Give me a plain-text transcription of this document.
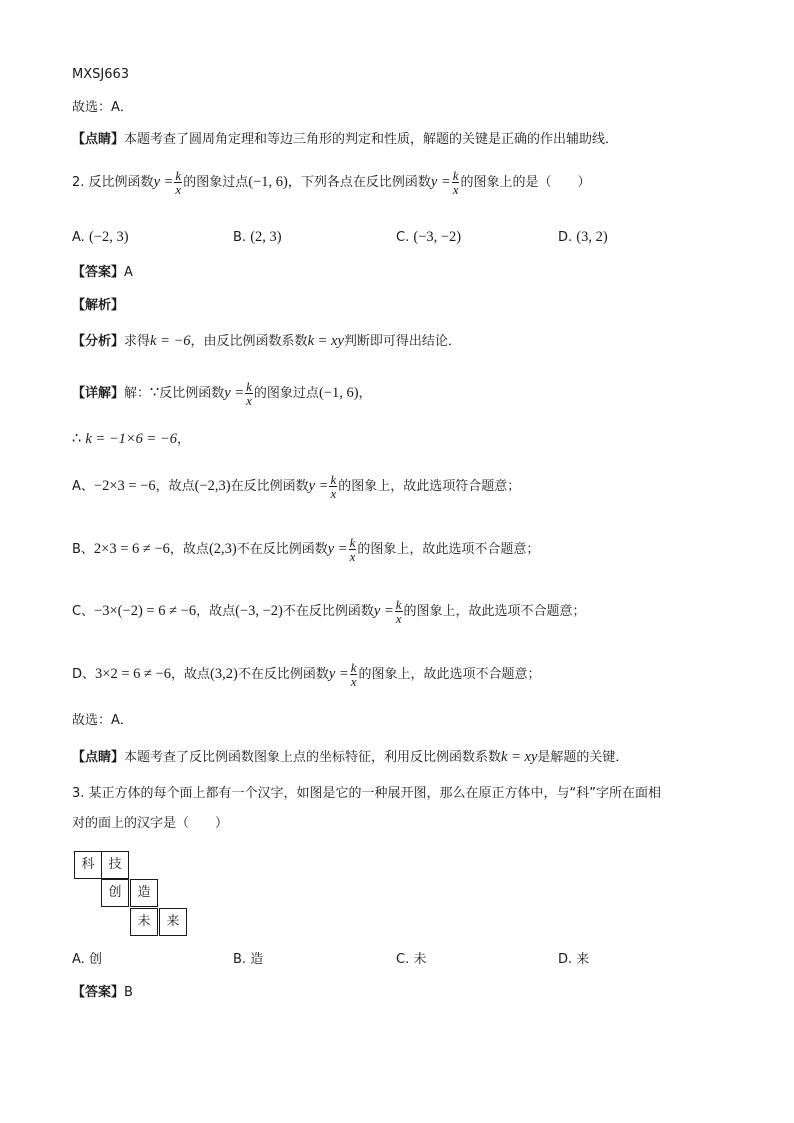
MXSJ663
故选：A．
【点睛】本题考查了圆周角定理和等边三角形的判定和性质，解题的关键是正确的作出辅助线．
2. 反比例函数$y = \frac{k}{x}$ 的图象过点(−1, 6)，下列各点在反比例函数$y = \frac{k}{x}$ 的图象上的是（　　）
A. (−2, 3)	B. (2, 3)	C. (−3, −2)	D. (3, 2)
【答案】A
【解析】
【分析】求得k = −6，由反比例函数系数k = xy判断即可得出结论．
【详解】解：∵反比例函数$y = \frac{k}{x}$ 的图象过点(−1, 6)，
∴ k = −1×6 = −6，
A、−2×3 = −6，故点(−2,3)在反比例函数$y = \frac{k}{x}$ 的图象上，故此选项符合题意；
B、2×3 = 6 ≠ −6，故点(2,3)不在反比例函数$y = \frac{k}{x}$ 的图象上，故此选项不合题意；
C、−3×(−2) = 6 ≠ −6，故点(−3, −2)不在反比例函数$y = \frac{k}{x}$ 的图象上，故此选项不合题意；
D、3×2 = 6 ≠ −6，故点(3,2)不在反比例函数$y = \frac{k}{x}$ 的图象上，故此选项不合题意；
故选：A．
【点睛】本题考查了反比例函数图象上点的坐标特征，利用反比例函数系数k = xy是解题的关键．
3. 某正方体的每个面上都有一个汉字，如图是它的一种展开图，那么在原正方体中，与“科”字所在面相
对的面上的汉字是（　　）
科	技
创	造
未	来
A. 创	B. 造	C. 未	D. 来
【答案】B
